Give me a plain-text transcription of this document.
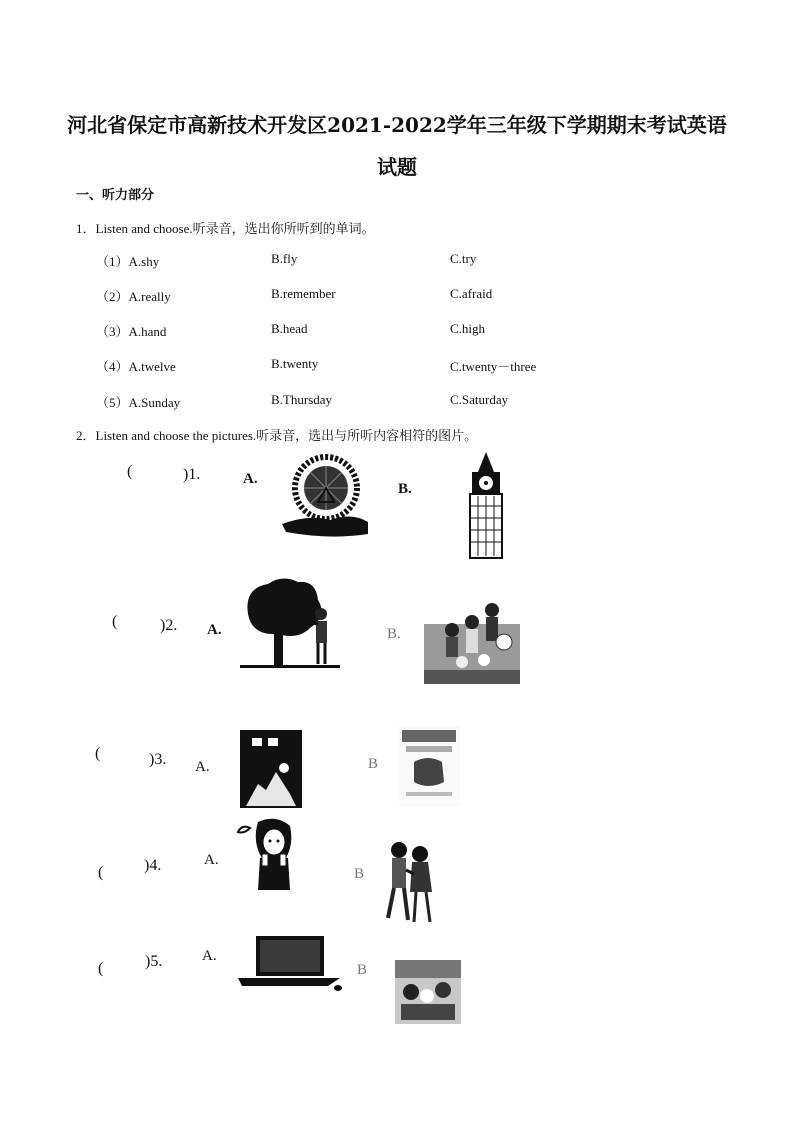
河北省保定市高新技术开发区2021-2022学年三年级下学期期末考试英语
试题
一、听力部分
1．Listen and choose.听录音，选出你所听到的单词。
（1）A.shy	B.fly	C.try
（2）A.really	B.remember	C.afraid
（3）A.hand	B.head	C.high
（4）A.twelve	B.twenty	C.twenty－three
（5）A.Sunday	B.Thursday	C.Saturday
2．Listen and choose the pictures.听录音，选出与所听内容相符的图片。
(	)1.	A.
B.
(	)2. A.	B.
(	)3. A.	B
(	)4.	A.
B
(	)5.	A.
B
